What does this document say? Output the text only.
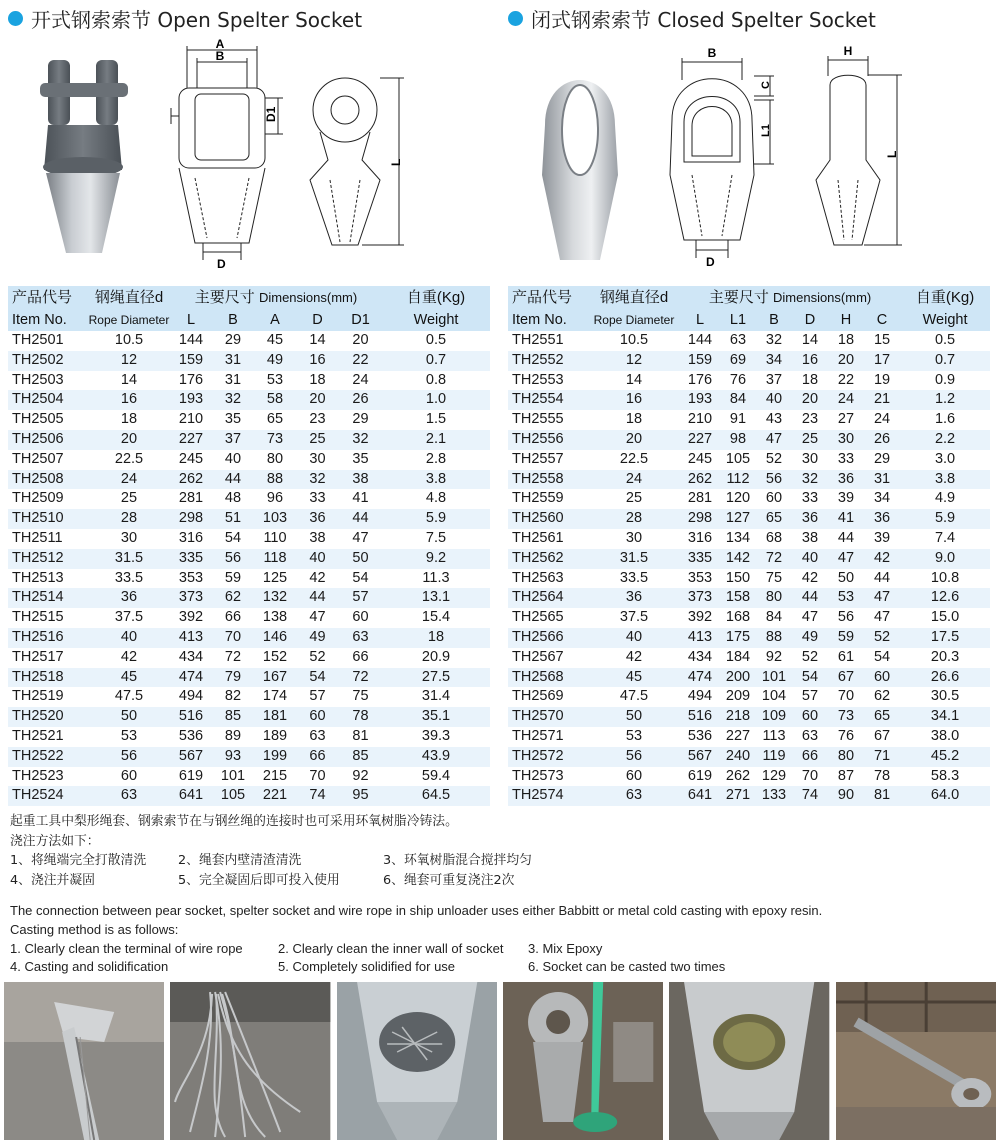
开式钢索索节 Open Spelter Socket	闭式钢索索节 Closed Spelter Socket
A
B
D1
D
L
B
C
L1
D
H
L
产品代号	钢绳直径d	主要尺寸 Dimensions(mm)					自重(Kg)
Item No.	Rope Diameter	L	B	A	D	D1	Weight
TH2501	10.5	144	29	45	14	20	0.5
TH2502	12	159	31	49	16	22	0.7
TH2503	14	176	31	53	18	24	0.8
TH2504	16	193	32	58	20	26	1.0
TH2505	18	210	35	65	23	29	1.5
TH2506	20	227	37	73	25	32	2.1
TH2507	22.5	245	40	80	30	35	2.8
TH2508	24	262	44	88	32	38	3.8
TH2509	25	281	48	96	33	41	4.8
TH2510	28	298	51	103	36	44	5.9
TH2511	30	316	54	110	38	47	7.5
TH2512	31.5	335	56	118	40	50	9.2
TH2513	33.5	353	59	125	42	54	11.3
TH2514	36	373	62	132	44	57	13.1
TH2515	37.5	392	66	138	47	60	15.4
TH2516	40	413	70	146	49	63	18
TH2517	42	434	72	152	52	66	20.9
TH2518	45	474	79	167	54	72	27.5
TH2519	47.5	494	82	174	57	75	31.4
TH2520	50	516	85	181	60	78	35.1
TH2521	53	536	89	189	63	81	39.3
TH2522	56	567	93	199	66	85	43.9
TH2523	60	619	101	215	70	92	59.4
TH2524	63	641	105	221	74	95	64.5
产品代号	钢绳直径d	主要尺寸 Dimensions(mm)						自重(Kg)
Item No.	Rope Diameter	L	L1	B	D	H	C	Weight
TH2551	10.5	144	63	32	14	18	15	0.5
TH2552	12	159	69	34	16	20	17	0.7
TH2553	14	176	76	37	18	22	19	0.9
TH2554	16	193	84	40	20	24	21	1.2
TH2555	18	210	91	43	23	27	24	1.6
TH2556	20	227	98	47	25	30	26	2.2
TH2557	22.5	245	105	52	30	33	29	3.0
TH2558	24	262	112	56	32	36	31	3.8
TH2559	25	281	120	60	33	39	34	4.9
TH2560	28	298	127	65	36	41	36	5.9
TH2561	30	316	134	68	38	44	39	7.4
TH2562	31.5	335	142	72	40	47	42	9.0
TH2563	33.5	353	150	75	42	50	44	10.8
TH2564	36	373	158	80	44	53	47	12.6
TH2565	37.5	392	168	84	47	56	47	15.0
TH2566	40	413	175	88	49	59	52	17.5
TH2567	42	434	184	92	52	61	54	20.3
TH2568	45	474	200	101	54	67	60	26.6
TH2569	47.5	494	209	104	57	70	62	30.5
TH2570	50	516	218	109	60	73	65	34.1
TH2571	53	536	227	113	63	76	67	38.0
TH2572	56	567	240	119	66	80	71	45.2
TH2573	60	619	262	129	70	87	78	58.3
TH2574	63	641	271	133	74	90	81	64.0
起重工具中梨形绳套、钢索索节在与钢丝绳的连接时也可采用环氧树脂冷铸法。
浇注方法如下：
1、将绳端完全打散清洗	2、绳套内壁清渣清洗	3、环氧树脂混合搅拌均匀
4、浇注并凝固	5、完全凝固后即可投入使用	6、绳套可重复浇注2次
The connection between pear socket, spelter socket and wire rope in ship unloader uses either Babbitt or metal cold casting with epoxy resin.
Casting method is as follows:
1. Clearly clean the terminal of wire rope	2. Clearly clean the inner wall of socket	3. Mix Epoxy
4. Casting and solidification	5. Completely solidified for use	6. Socket can be casted two times
